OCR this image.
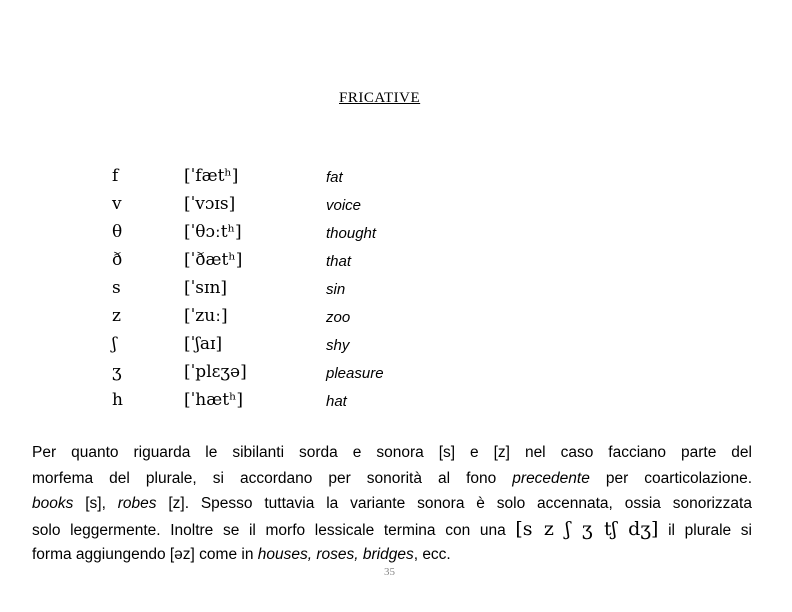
FRICATIVE
f	[ˈfætʰ]	fat
v	[ˈvɔɪs]	voice
θ	[ˈθɔːtʰ]	thought
ð	[ˈðætʰ]	that
s	[ˈsɪn]	sin
z	[ˈzuː]	zoo
ʃ	[ˈʃaɪ]	shy
ʒ	[ˈplɛʒə]	pleasure
h	[ˈhætʰ]	hat
Per quanto riguarda le sibilanti sorda e sonora [s] e [z] nel caso facciano parte del
morfema del plurale, si accordano per sonorità al fono precedente per coarticolazione.
books [s], robes [z]. Spesso tuttavia la variante sonora è solo accennata, ossia sonorizzata
solo leggermente. Inoltre se il morfo lessicale termina con una [s z ʃ ʒ tʃ dʒ] il plurale si
forma aggiungendo [əz] come in houses, roses, bridges, ecc.
35
